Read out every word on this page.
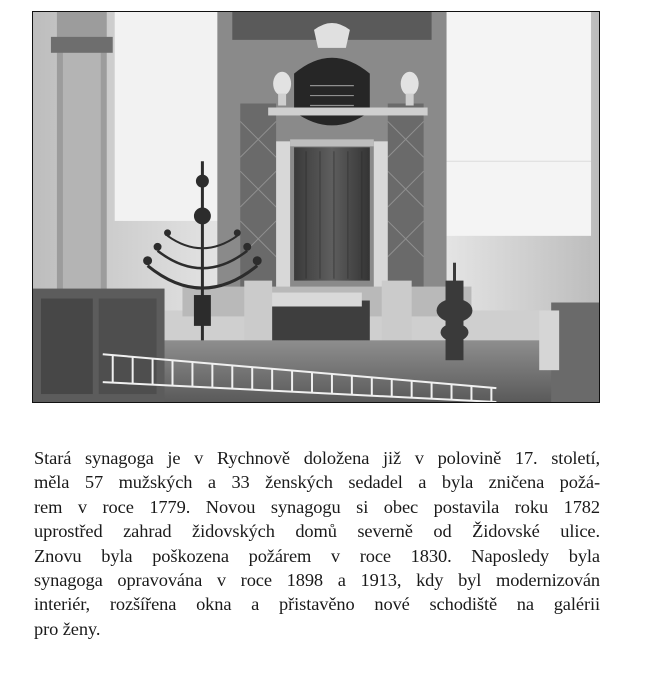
Stará synagoga je v Rychnově doložena již v polovině 17. století,
měla 57 mužských a 33 ženských sedadel a byla zničena požá-
rem v roce 1779. Novou synagogu si obec postavila roku 1782
uprostřed zahrad židovských domů severně od Židovské ulice.
Znovu byla poškozena požárem v roce 1830. Naposledy byla
synagoga opravována v roce 1898 a 1913, kdy byl modernizován
interiér, rozšířena okna a přistavěno nové schodiště na galérii
pro ženy.
